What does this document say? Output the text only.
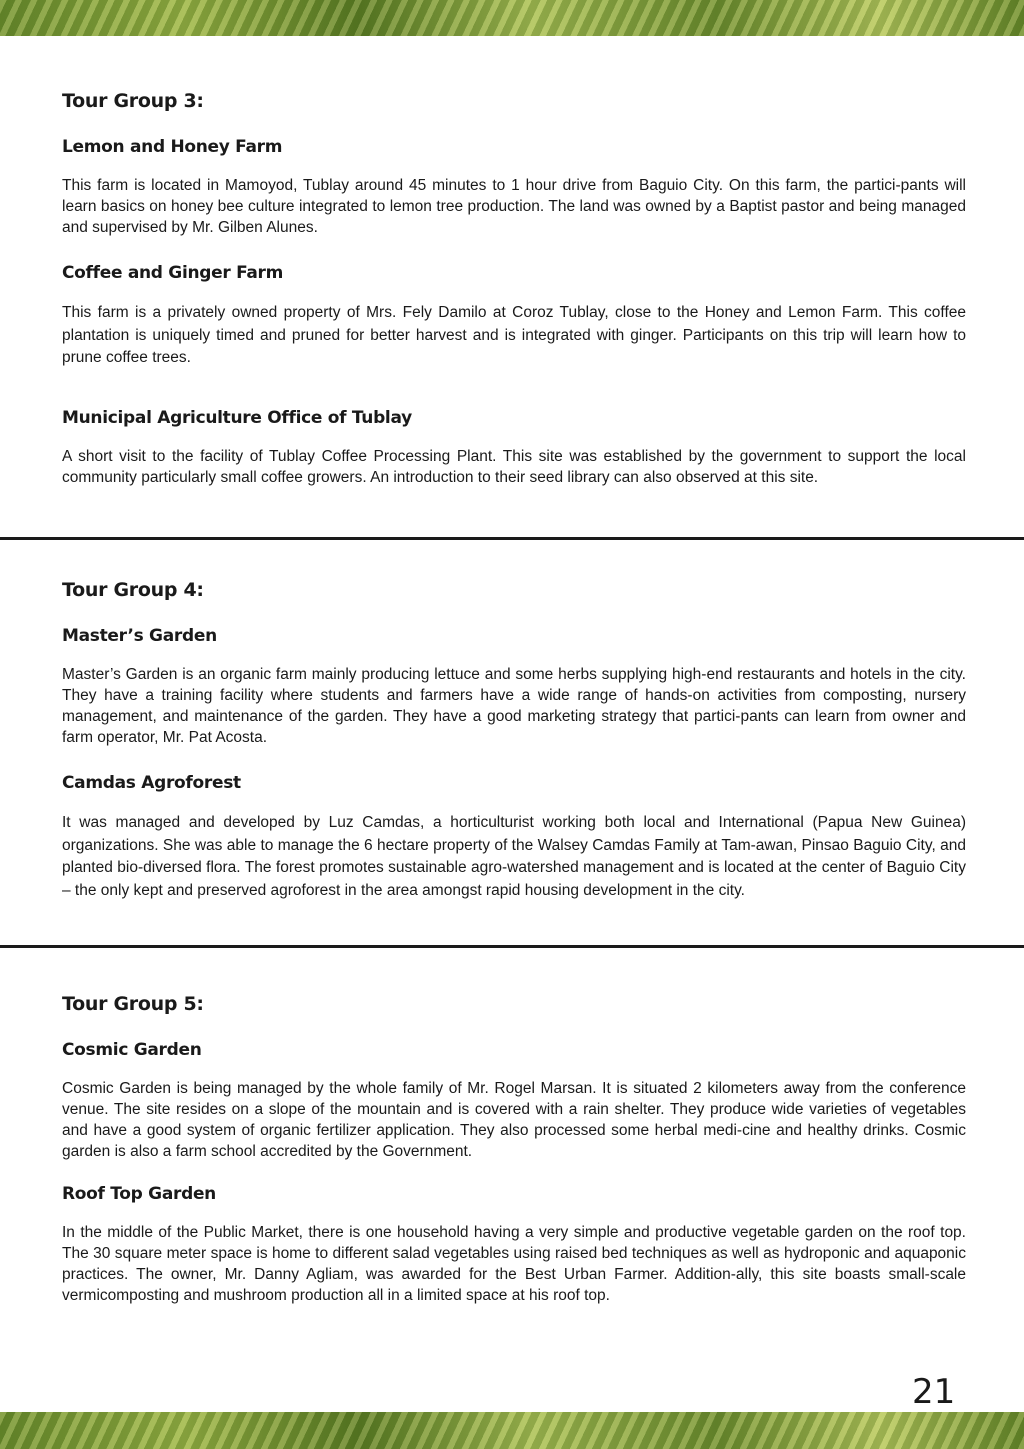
Tour Group 3:
Lemon and Honey Farm

This farm is located in Mamoyod, Tublay around 45 minutes to 1 hour drive from Baguio City. On this farm, the partici-pants will learn basics on honey bee culture integrated to lemon tree production. The land was owned by a Baptist pastor and being managed and supervised by Mr. Gilben Alunes.

Coffee and Ginger Farm

This farm is a privately owned property of Mrs. Fely Damilo at Coroz Tublay, close to the Honey and Lemon Farm. This coffee plantation is uniquely timed and pruned for better harvest and is integrated with ginger. Participants on this trip will learn how to prune coffee trees.

Municipal Agriculture Office of Tublay

A short visit to the facility of Tublay Coffee Processing Plant. This site was established by the government to support the local community particularly small coffee growers. An introduction to their seed library can also observed at this site.

Tour Group 4:
Master’s Garden

Master’s Garden is an organic farm mainly producing lettuce and some herbs supplying high-end restaurants and hotels in the city. They have a training facility where students and farmers have a wide range of hands-on activities from composting, nursery management, and maintenance of the garden. They have a good marketing strategy that partici-pants can learn from owner and farm operator, Mr. Pat Acosta.

Camdas Agroforest

It was managed and developed by Luz Camdas, a horticulturist working both local and International (Papua New Guinea) organizations. She was able to manage the 6 hectare property of the Walsey Camdas Family at Tam-awan, Pinsao Baguio City, and planted bio-diversed flora. The forest promotes sustainable agro-watershed management and is located at the center of Baguio City – the only kept and preserved agroforest in the area amongst rapid housing development in the city.

Tour Group 5:
Cosmic Garden

Cosmic Garden is being managed by the whole family of Mr. Rogel Marsan. It is situated 2 kilometers away from the conference venue. The site resides on a slope of the mountain and is covered with a rain shelter. They produce wide varieties of vegetables and have a good system of organic fertilizer application. They also processed some herbal medi-cine and healthy drinks. Cosmic garden is also a farm school accredited by the Government.

Roof Top Garden

In the middle of the Public Market, there is one household having a very simple and productive vegetable garden on the roof top. The 30 square meter space is home to different salad vegetables using raised bed techniques as well as hydroponic and aquaponic practices. The owner, Mr. Danny Agliam, was awarded for the Best Urban Farmer. Addition-ally, this site boasts small-scale vermicomposting and mushroom production all in a limited space at his roof top.

21
